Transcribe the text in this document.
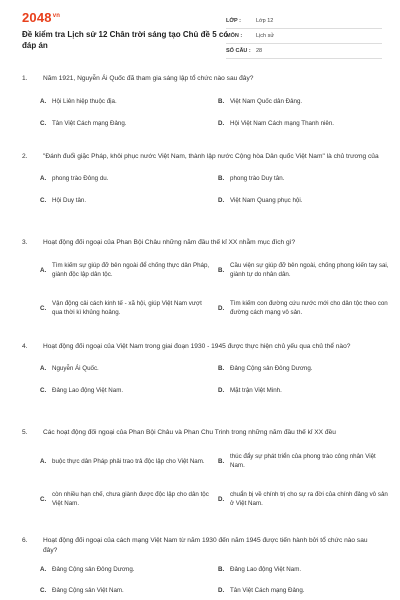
$2048^{vn}$
Đề kiểm tra Lịch sử 12 Chân trời sáng tạo Chủ đề 5 có đáp án
LỚP :	Lớp 12
MÔN :	Lịch sử
SỐ CÂU : 28
1. Năm 1921, Nguyễn Ái Quốc đã tham gia sáng lập tổ chức nào sau đây?
A. Hội Liên hiệp thuộc địa.	B. Việt Nam Quốc dân Đảng.
C. Tân Việt Cách mạng Đảng.	D. Hội Việt Nam Cách mạng Thanh niên.
2. "Đánh đuổi giặc Pháp, khôi phục nước Việt Nam, thành lập nước Cộng hòa Dân quốc Việt Nam" là chủ trương của
A. phong trào Đông du.	B. phong trào Duy tân.
C. Hội Duy tân.	D. Việt Nam Quang phục hội.
3. Hoạt động đối ngoại của Phan Bội Châu những năm đầu thế kỉ XX nhằm mục đích gì?
A.
Tìm kiếm sự giúp đỡ bên ngoài để chống thực dân Pháp, giành độc lập dân tộc.
B.
Cầu viện sự giúp đỡ bên ngoài, chống phong kiến tay sai, giành tự do nhân dân.
C.
Vận động cải cách kinh tế - xã hội, giúp Việt Nam vượt qua thời kì khủng hoảng.
D.
Tìm kiếm con đường cứu nước mới cho dân tộc theo con đường cách mạng vô sản.
4. Hoạt động đối ngoại của Việt Nam trong giai đoạn 1930 - 1945 được thực hiện chủ yếu qua chủ thể nào?
A. Nguyễn Ái Quốc.	B. Đảng Cộng sản Đông Dương.
C. Đảng Lao động Việt Nam.	D. Mặt trận Việt Minh.
5. Các hoạt động đối ngoại của Phan Bội Châu và Phan Chu Trinh trong những năm đầu thế kỉ XX đều
A. buộc thực dân Pháp phải trao trả độc lập cho Việt Nam.	B.
thúc đẩy sự phát triển của phong trào công nhân Việt Nam.
C.
còn nhiều hạn chế, chưa giành được độc lập cho dân tộc Việt Nam.
D.
chuẩn bị về chính trị cho sự ra đời của chính đảng vô sản ở Việt Nam.
6. Hoạt động đối ngoại của cách mạng Việt Nam từ năm 1930 đến năm 1945 được tiến hành bởi tổ chức nào sau đây?
A. Đảng Cộng sản Đông Dương.	B. Đảng Lao động Việt Nam.
C. Đảng Cộng sản Việt Nam.	D. Tân Việt Cách mạng Đảng.
